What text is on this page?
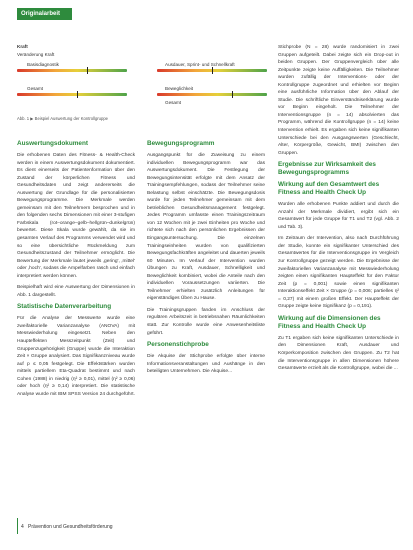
Originalarbeit
Kraft
Veränderung Kraft
Basisdiagnostik
Gesamt
Ausdauer, Sprint- und Schnellkraft
Beweglichkeit
Gesamt
Abb. 1 ▶ Beispiel Auswertung der Kontrollgruppe
Auswertungsdokument
Die erhobenen Daten des Fitness- & Health-Check werden in einem Auswertungsdokument dokumentiert. Es dient einerseits der Patientenformation über den Zustand der körperlichen Fitness und Gesundheitsdaten und zeigt andererseits die Auswertung der Grundlage für die personalisierten Bewegungsprogramme. Die Merkmale werden gemeinsam mit den Teilnehmern besprochen und in den folgenden sechs Dimensionen mit einer 3-stufigen Farbskala (rot–orange–gelb–hellgrün–dunkelgrün) bewertet. Diese Skala wurde gewählt, da sie im gesamten Verlauf des Programms verwendet wird und so eine übersichtliche Rückmeldung zum Gesundheitszustand der Teilnehmer ermöglicht. Die Bewertung der Merkmale lautet jeweils ‚gering', ‚mittel' oder ‚hoch', sodass die Ampelfarben rasch und einfach interpretiert werden können.
Beispielhaft wird eine Auswertung der Dimensionen in Abb. 1 dargestellt.
Statistische Datenverarbeitung
Für die Analyse der Messwerte wurde eine zweifaktorielle Varianzanalyse (ANOVA) mit Messwiederholung eingesetzt. Neben den Haupteffekten Messzeitpunkt (Zeit) und Gruppenzugehörigkeit (Gruppe) wurde die Interaktion Zeit × Gruppe analysiert. Das Signifikanzniveau wurde auf p ≤ 0,05 festgelegt. Die Effektstärken wurden mittels partiellem Eta-Quadrat bestimmt und nach Cohen (1988) in niedrig (η² ≥ 0,01), mittel (η² ≥ 0,06) oder hoch (η² ≥ 0,14) interpretiert. Die statistische Analyse wurde mit IBM SPSS Version 24 durchgeführt.
Bewegungsprogramm
Ausgangspunkt für die Zuweisung zu einem individuellen Bewegungsprogramm war das Auswertungsdokument. Die Festlegung der Bewegungsintensität erfolgte mit dem Ansatz der Trainingsempfehlungen, sodass der Teilnehmer seine Belastung selbst einschätzte. Die Bewegungsdosis wurde für jeden Teilnehmer gemeinsam mit dem betrieblichen Gesundheitsmanagement festgelegt. Jedes Programm umfasste einen Trainingszeitraum von 12 Wochen mit je zwei Einheiten pro Woche und richtete sich nach den persönlichen Ergebnissen der Eingangsuntersuchung. Die einzelnen Trainingseinheiten wurden von qualifizierten Bewegungsfachkräften angeleitet und dauerten jeweils 60 Minuten. Im Verlauf der Intervention wurden Übungen zu Kraft, Ausdauer, Schnelligkeit und Beweglichkeit kombiniert, wobei die Anteile nach den individuellen Voraussetzungen variierten. Die Teilnehmer erhielten zusätzlich Anleitungen für eigenständiges Üben zu Hause.
Die Trainingsgruppen fanden im Anschluss der regulären Arbeitszeit in betriebsnahen Räumlichkeiten statt. Zur Kontrolle wurde eine Anwesenheitsliste geführt.
Personenstichprobe
Die Akquise der Stichprobe erfolgte über interne Informationsveranstaltungen und Aushänge in den beteiligten Unternehmen. Die Akquise...
Stichprobe (N = 28) wurde randomisiert in zwei Gruppen aufgeteilt. Dabei zeigte sich ein Drop-out in beiden Gruppen. Der Gruppenvergleich über alle Zeitpunkte zeigte keine Auffälligkeiten. Die Teilnehmer wurden zufällig der Interventions- oder der Kontrollgruppe zugeordnet und erhielten vor Beginn eine ausführliche Information über den Ablauf der Studie. Die schriftliche Einverständniserklärung wurde vor Beginn eingeholt. Die Teilnehmer der Interventionsgruppe (n = 14) absolvierten das Programm, während die Kontrollgruppe (n = 14) keine Intervention erhielt. Es ergaben sich keine signifikanten Unterschiede bei den Ausgangswerten (Geschlecht, Alter, Körpergröße, Gewicht, BMI) zwischen den Gruppen.
Ergebnisse zur Wirksamkeit des Bewegungsprogramms
Wirkung auf den Gesamtwert des Fitness and Health Check Up
Wurden alle erhobenen Punkte addiert und durch die Anzahl der Merkmale dividiert, ergibt sich ein Gesamtwert für jede Gruppe für T1 und T2 (vgl. Abb. 2 und Tab. 3).
Im Zeitraum der Intervention, also nach Durchführung der Studie, konnte ein signifikanter Unterschied des Gesamtwertes für die Interventionsgruppe im Vergleich zur Kontrollgruppe gezeigt werden. Die Ergebnisse der zweifaktoriellen Varianzanalyse mit Messwiederholung zeigten einen signifikanten Haupteffekt für den Faktor Zeit (p = 0,001) sowie einen signifikanten Interaktionseffekt Zeit × Gruppe (p = 0,006; partielles η² = 0,27) mit einem großen Effekt. Der Haupteffekt der Gruppe zeigte keine Signifikanz (p = 0,191).
Wirkung auf die Dimensionen des Fitness and Health Check Up
Zu T1 ergaben sich keine signifikanten Unterschiede in den Dimensionen Kraft, Ausdauer und Körperkomposition zwischen den Gruppen. Zu T2 hat die Interventionsgruppe in allen Dimensionen höhere Gesamtwerte erzielt als die Kontrollgruppe, wobei die ...
4 Prävention und Gesundheitsförderung
